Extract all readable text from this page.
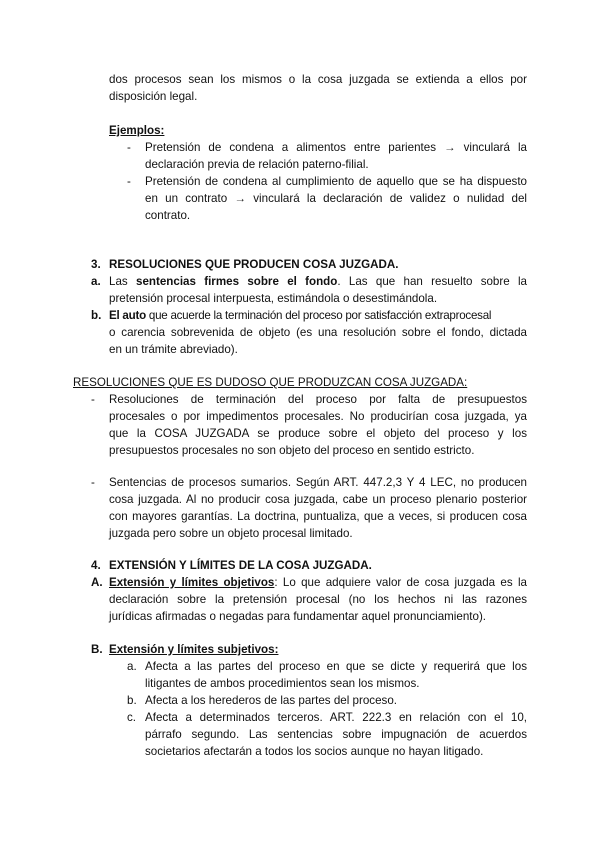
dos procesos sean los mismos o la cosa juzgada se extienda a ellos por
disposición legal.
Ejemplos:
- Pretensión de condena a alimentos entre parientes → vinculará la
declaración previa de relación paterno-filial.
- Pretensión de condena al cumplimiento de aquello que se ha dispuesto
en un contrato → vinculará la declaración de validez o nulidad del
contrato.
3. RESOLUCIONES QUE PRODUCEN COSA JUZGADA.
a. Las sentencias firmes sobre el fondo. Las que han resuelto sobre la
pretensión procesal interpuesta, estimándola o desestimándola.
b. El auto que acuerde la terminación del proceso por satisfacción extraprocesal
o carencia sobrevenida de objeto (es una resolución sobre el fondo, dictada
en un trámite abreviado).
RESOLUCIONES QUE ES DUDOSO QUE PRODUZCAN COSA JUZGADA:
- Resoluciones de terminación del proceso por falta de presupuestos
procesales o por impedimentos procesales. No producirían cosa juzgada, ya
que la COSA JUZGADA se produce sobre el objeto del proceso y los
presupuestos procesales no son objeto del proceso en sentido estricto.
- Sentencias de procesos sumarios. Según ART. 447.2,3 Y 4 LEC, no producen
cosa juzgada. Al no producir cosa juzgada, cabe un proceso plenario posterior
con mayores garantías. La doctrina, puntualiza, que a veces, si producen cosa
juzgada pero sobre un objeto procesal limitado.
4. EXTENSIÓN Y LÍMITES DE LA COSA JUZGADA.
A. Extensión y límites objetivos: Lo que adquiere valor de cosa juzgada es la
declaración sobre la pretensión procesal (no los hechos ni las razones
jurídicas afirmadas o negadas para fundamentar aquel pronunciamiento).
B. Extensión y límites subjetivos:
a. Afecta a las partes del proceso en que se dicte y requerirá que los
litigantes de ambos procedimientos sean los mismos.
b. Afecta a los herederos de las partes del proceso.
c. Afecta a determinados terceros. ART. 222.3 en relación con el 10,
párrafo segundo. Las sentencias sobre impugnación de acuerdos
societarios afectarán a todos los socios aunque no hayan litigado.
